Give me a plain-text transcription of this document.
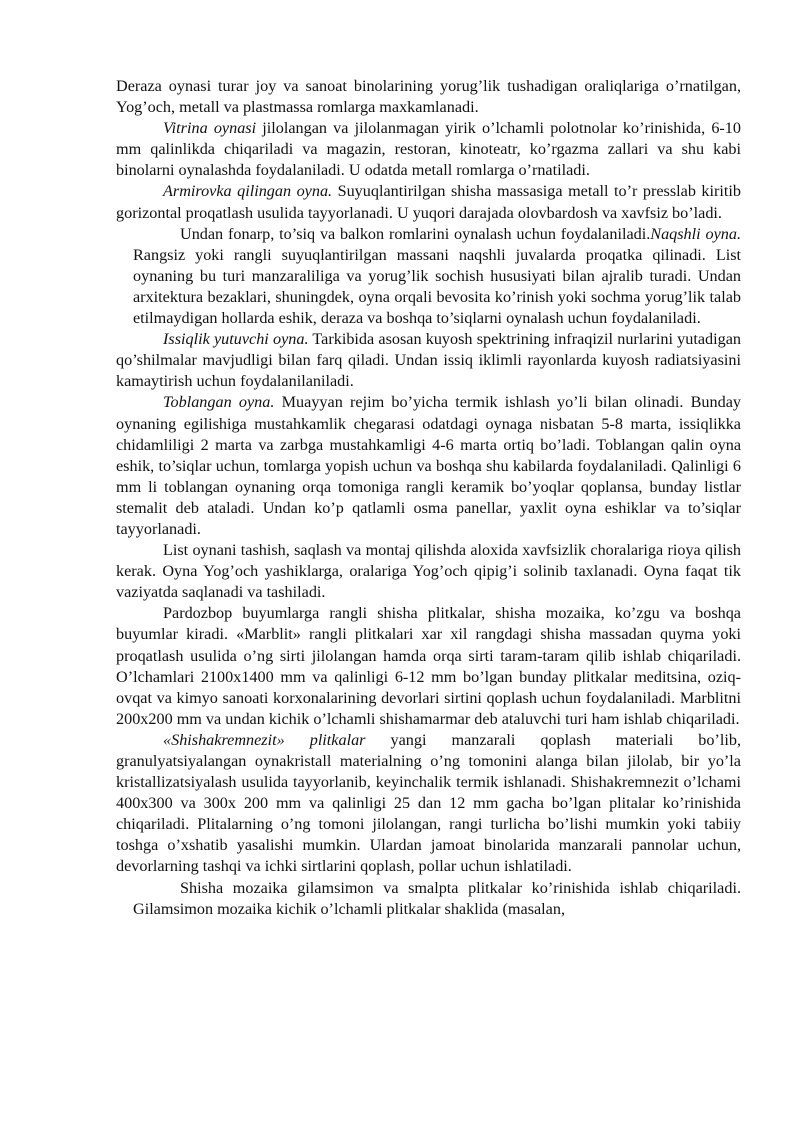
Deraza oynasi turar joy va sanoat binolarining yorug’lik tushadigan oraliqlariga o’rnatilgan, Yog’och, metall va plastmassa romlarga maxkamlanadi.

Vitrina oynasi jilolangan va jilolanmagan yirik o’lchamli polotnolar ko’rinishida, 6-10 mm qalinlikda chiqariladi va magazin, restoran, kinoteatr, ko’rgazma zallari va shu kabi binolarni oynalashda foydalaniladi. U odatda metall romlarga o’rnatiladi.

Armirovka qilingan oyna. Suyuqlantirilgan shisha massasiga metall to’r presslab kiritib gorizontal proqatlash usulida tayyorlanadi. U yuqori darajada olovbardosh va xavfsiz bo’ladi.

Undan fonarp, to’siq va balkon romlarini oynalash uchun foydalaniladi.Naqshli oyna. Rangsiz yoki rangli suyuqlantirilgan massani naqshli juvalarda proqatka qilinadi. List oynaning bu turi manzaraliliga va yorug’lik sochish hususiyati bilan ajralib turadi. Undan arxitektura bezaklari, shuningdek, oyna orqali bevosita ko’rinish yoki sochma yorug’lik talab etilmaydigan hollarda eshik, deraza va boshqa to’siqlarni oynalash uchun foydalaniladi.

Issiqlik yutuvchi oyna. Tarkibida asosan kuyosh spektrining infraqizil nurlarini yutadigan qo’shilmalar mavjudligi bilan farq qiladi. Undan issiq iklimli rayonlarda kuyosh radiatsiyasini kamaytirish uchun foydalanilaniladi.

Toblangan oyna. Muayyan rejim bo’yicha termik ishlash yo’li bilan olinadi. Bunday oynaning egilishiga mustahkamlik chegarasi odatdagi oynaga nisbatan 5-8 marta, issiqlikka chidamliligi 2 marta va zarbga mustahkamligi 4-6 marta ortiq bo’ladi. Toblangan qalin oyna eshik, to’siqlar uchun, tomlarga yopish uchun va boshqa shu kabilarda foydalaniladi. Qalinligi 6 mm li toblangan oynaning orqa tomoniga rangli keramik bo’yoqlar qoplansa, bunday listlar stemalit deb ataladi. Undan ko’p qatlamli osma panellar, yaxlit oyna eshiklar va to’siqlar tayyorlanadi.

List oynani tashish, saqlash va montaj qilishda aloxida xavfsizlik choralariga rioya qilish kerak. Oyna Yog’och yashiklarga, oralariga Yog’och qipig’i solinib taxlanadi. Oyna faqat tik vaziyatda saqlanadi va tashiladi.

Pardozbop buyumlarga rangli shisha plitkalar, shisha mozaika, ko’zgu va boshqa buyumlar kiradi. «Marblit» rangli plitkalari xar xil rangdagi shisha massadan quyma yoki proqatlash usulida o’ng sirti jilolangan hamda orqa sirti taram-taram qilib ishlab chiqariladi. O’lchamlari 2100x1400 mm va qalinligi 6-12 mm bo’lgan bunday plitkalar meditsina, oziq-ovqat va kimyo sanoati korxonalarining devorlari sirtini qoplash uchun foydalaniladi. Marblitni 200x200 mm va undan kichik o’lchamli shishamarmar deb ataluvchi turi ham ishlab chiqariladi.

«Shishakremnezit» plitkalar yangi manzarali qoplash materiali bo’lib, granulyatsiyalangan oynakristall materialning o’ng tomonini alanga bilan jilolab, bir yo’la kristallizatsiyalash usulida tayyorlanib, keyinchalik termik ishlanadi. Shishakremnezit o’lchami 400x300 va 300x 200 mm va qalinligi 25 dan 12 mm gacha bo’lgan plitalar ko’rinishida chiqariladi. Plitalarning o’ng tomoni jilolangan, rangi turlicha bo’lishi mumkin yoki tabiiy toshga o’xshatib yasalishi mumkin. Ulardan jamoat binolarida manzarali pannolar uchun, devorlarning tashqi va ichki sirtlarini qoplash, pollar uchun ishlatiladi.

Shisha mozaika gilamsimon va smalpta plitkalar ko’rinishida ishlab chiqariladi. Gilamsimon mozaika kichik o’lchamli plitkalar shaklida (masalan,
